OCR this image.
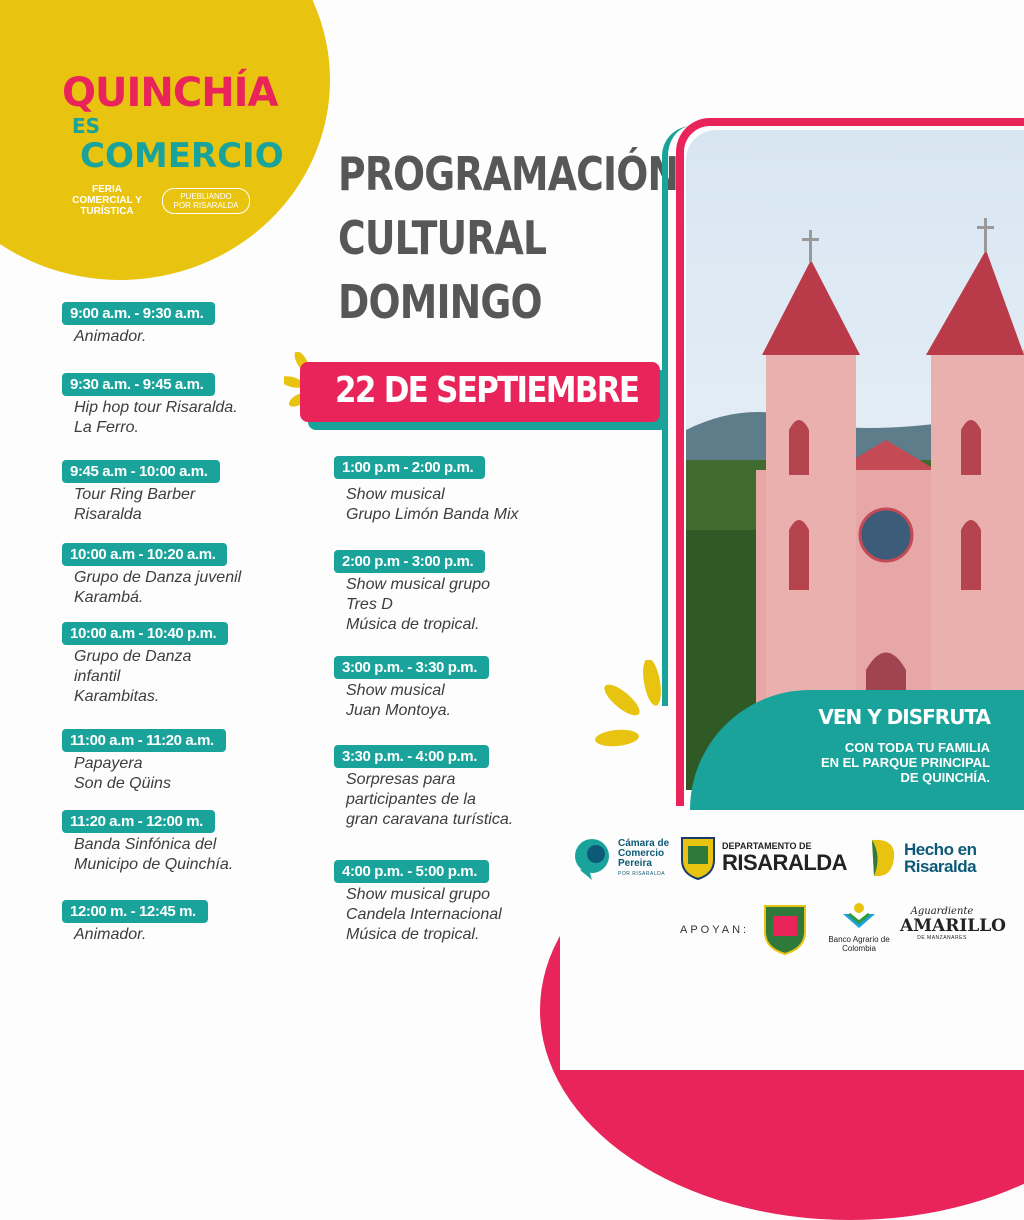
QUINCHÍA
ES
COMERCIO
FERIA COMERCIAL Y TURÍSTICA
PUEBLIANDO POR RISARALDA
PROGRAMACIÓN
CULTURAL
DOMINGO
22 DE SEPTIEMBRE
9:00 a.m. - 9:30 a.m.
Animador.
9:30 a.m. - 9:45 a.m.
Hip hop tour Risaralda.
La Ferro.
9:45 a.m - 10:00 a.m.
Tour Ring Barber
Risaralda
10:00 a.m - 10:20 a.m.
Grupo de Danza juvenil
Karambá.
10:00 a.m - 10:40 p.m.
Grupo de Danza
infantil
Karambitas.
11:00 a.m - 11:20 a.m.
Papayera
Son de Qüins
11:20 a.m - 12:00 m.
Banda Sinfónica del
Municipo de Quinchía.
12:00 m. - 12:45 m.
Animador.
1:00 p.m - 2:00 p.m.
Show musical
Grupo Limón Banda Mix
2:00 p.m - 3:00 p.m.
Show musical grupo
Tres D
Música de tropical.
3:00 p.m. - 3:30 p.m.
Show musical
Juan Montoya.
3:30 p.m. - 4:00 p.m.
Sorpresas para
participantes de la
gran caravana turística.
4:00 p.m. - 5:00 p.m.
Show musical grupo
Candela Internacional
Música de tropical.
VEN Y DISFRUTA
CON TODA TU FAMILIA
EN EL PARQUE PRINCIPAL
DE QUINCHÍA.
Cámara de Comercio Pereira
POR RISARALDA
DEPARTAMENTO DE
RISARALDA
Hecho en Risaralda
APOYAN:
Banco Agrario de Colombia
Aguardiente
AMARILLO
DE MANZANARES
